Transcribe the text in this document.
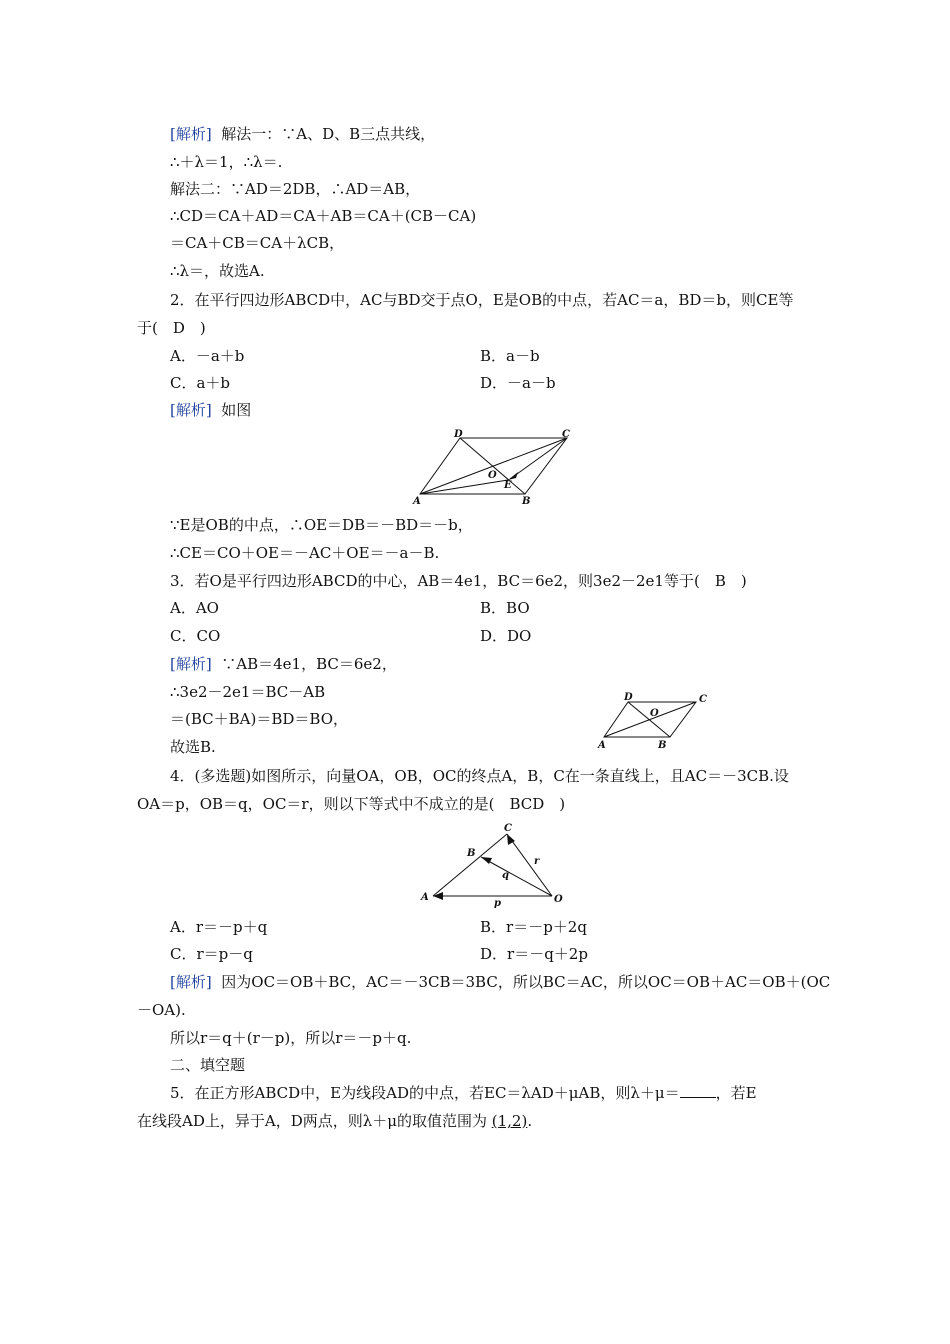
[解析] 解法一：∵A、D、B三点共线，
∴＋λ＝1，∴λ＝.
解法二：∵AD＝2DB，∴AD＝AB，
∴CD＝CA＋AD＝CA＋AB＝CA＋(CB－CA)
＝CA＋CB＝CA＋λCB，
∴λ＝，故选A.
2．在平行四边形ABCD中，AC与BD交于点O，E是OB的中点，若AC＝a，BD＝b，则CE等
于(　D　)
A．－a＋b	B．a－b
C．a＋b	D．－a－b
[解析] 如图
D	C
O
E
A	B
∵E是OB的中点，∴OE＝DB＝－BD＝－b，
∴CE＝CO＋OE＝－AC＋OE＝－a－B.
3．若O是平行四边形ABCD的中心，AB＝4e1，BC＝6e2，则3e2－2e1等于(　B　)
A．AO	B．BO
C．CO	D．DO
[解析] ∵AB＝4e1，BC＝6e2，
∴3e2－2e1＝BC－AB
＝(BC＋BA)＝BD＝BO，
故选B.
D	C
O
A	B
4．(多选题)如图所示，向量OA，OB，OC的终点A，B，C在一条直线上，且AC＝－3CB.设
OA＝p，OB＝q，OC＝r，则以下等式中不成立的是(　BCD　)
C
B
r
q
A
p	O
A．r＝－p＋q	B．r＝－p＋2q
C．r＝p－q	D．r＝－q＋2p
[解析] 因为OC＝OB＋BC，AC＝－3CB＝3BC，所以BC＝AC，所以OC＝OB＋AC＝OB＋(OC
－OA).
所以r＝q＋(r－p)，所以r＝－p＋q.
二、填空题
5．在正方形ABCD中，E为线段AD的中点，若EC＝λAD＋μAB，则λ＋μ＝ ，若E
在线段AD上，异于A，D两点，则λ＋μ的取值范围为 (1,2).
